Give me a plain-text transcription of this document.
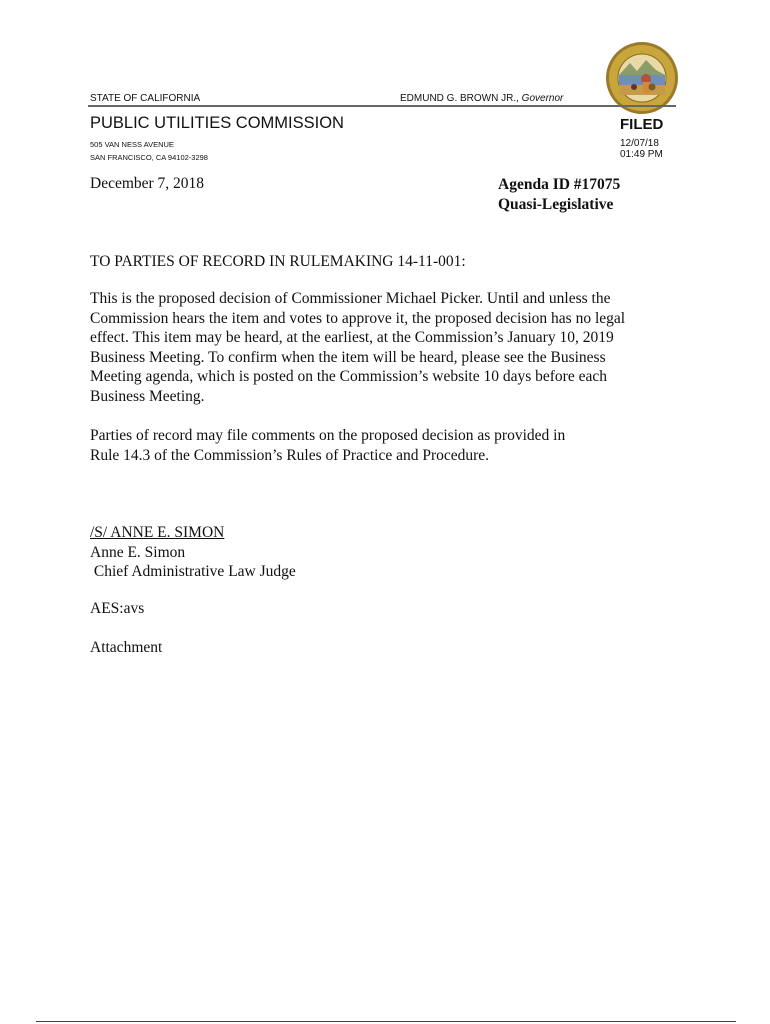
STATE OF CALIFORNIA	EDMUND G. BROWN JR., Governor
·
PUBLIC UTILITIES COMMISSION	FILED
505 VAN NESS AVENUE
SAN FRANCISCO, CA 94102-3298
12/07/18
01:49 PM
December 7, 2018	Agenda ID #17075
Quasi-Legislative
TO PARTIES OF RECORD IN RULEMAKING 14-11-001:
This is the proposed decision of Commissioner Michael Picker. Until and unless the
Commission hears the item and votes to approve it, the proposed decision has no legal
effect. This item may be heard, at the earliest, at the Commission’s January 10, 2019
Business Meeting. To confirm when the item will be heard, please see the Business
Meeting agenda, which is posted on the Commission’s website 10 days before each
Business Meeting.
Parties of record may file comments on the proposed decision as provided in
Rule 14.3 of the Commission’s Rules of Practice and Procedure.
/S/ ANNE E. SIMON
Anne E. Simon
Chief Administrative Law Judge
AES:avs
Attachment
